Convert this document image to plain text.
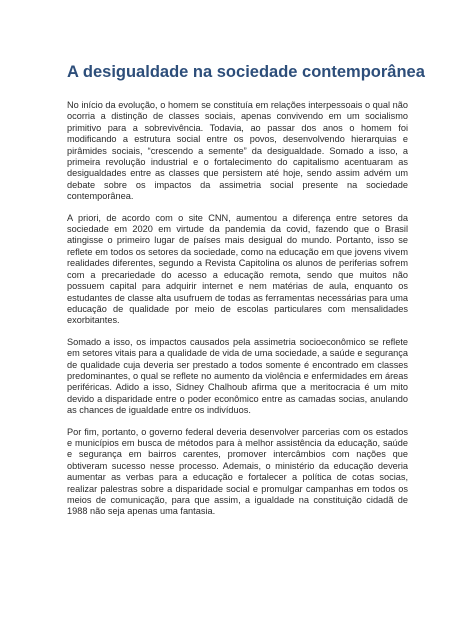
A desigualdade na sociedade contemporânea

No início da evolução, o homem se constituía em relações interpessoais o qual não ocorria a distinção de classes sociais, apenas convivendo em um socialismo primitivo para a sobrevivência. Todavia, ao passar dos anos o homem foi modificando a estrutura social entre os povos, desenvolvendo hierarquias e pirâmides sociais, “crescendo a semente” da desigualdade. Somado a isso, a primeira revolução industrial e o fortalecimento do capitalismo acentuaram as desigualdades entre as classes que persistem até hoje, sendo assim advém um debate sobre os impactos da assimetria social presente na sociedade contemporânea.

A priori, de acordo com o site CNN, aumentou a diferença entre setores da sociedade em 2020 em virtude da pandemia da covid, fazendo que o Brasil atingisse o primeiro lugar de países mais desigual do mundo. Portanto, isso se reflete em todos os setores da sociedade, como na educação em que jovens vivem realidades diferentes, segundo a Revista Capitolina os alunos de periferias sofrem com a precariedade do acesso a educação remota, sendo que muitos não possuem capital para adquirir internet e nem matérias de aula, enquanto os estudantes de classe alta usufruem de todas as ferramentas necessárias para uma educação de qualidade por meio de escolas particulares com mensalidades exorbitantes.

Somado a isso, os impactos causados pela assimetria socioeconômico se reflete em setores vitais para a qualidade de vida de uma sociedade, a saúde e segurança de qualidade cuja deveria ser prestado a todos somente é encontrado em classes predominantes, o qual se reflete no aumento da violência e enfermidades em áreas periféricas. Adido a isso, Sidney Chalhoub afirma que a meritocracia é um mito devido a disparidade entre o poder econômico entre as camadas socias, anulando as chances de igualdade entre os indivíduos.

Por fim, portanto, o governo federal deveria desenvolver parcerias com os estados e municípios em busca de métodos para à melhor assistência da educação, saúde e segurança em bairros carentes, promover intercâmbios com nações que obtiveram sucesso nesse processo. Ademais, o ministério da educação deveria aumentar as verbas para a educação e fortalecer a política de cotas socias, realizar palestras sobre a disparidade social e promulgar campanhas em todos os meios de comunicação, para que assim, a igualdade na constituição cidadã de 1988 não seja apenas uma fantasia.
